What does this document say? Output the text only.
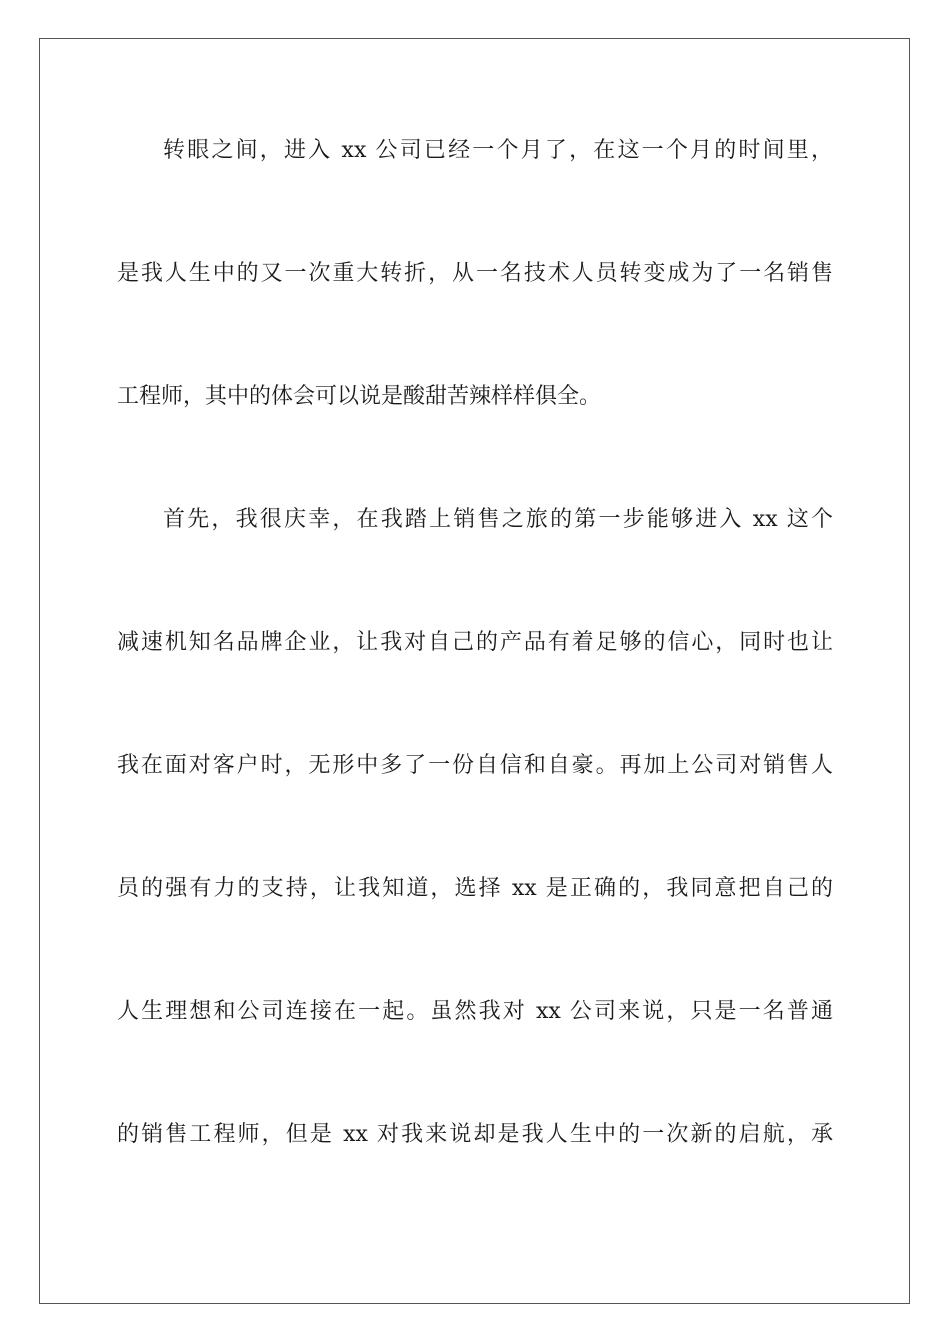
转眼之间，进入 xx 公司已经一个月了，在这一个月的时间里，

是我人生中的又一次重大转折，从一名技术人员转变成为了一名销售

工程师，其中的体会可以说是酸甜苦辣样样俱全。

首先，我很庆幸，在我踏上销售之旅的第一步能够进入 xx 这个

减速机知名品牌企业，让我对自己的产品有着足够的信心，同时也让

我在面对客户时，无形中多了一份自信和自豪。再加上公司对销售人

员的强有力的支持，让我知道，选择 xx 是正确的，我同意把自己的

人生理想和公司连接在一起。虽然我对 xx 公司来说，只是一名普通

的销售工程师，但是 xx 对我来说却是我人生中的一次新的启航，承
